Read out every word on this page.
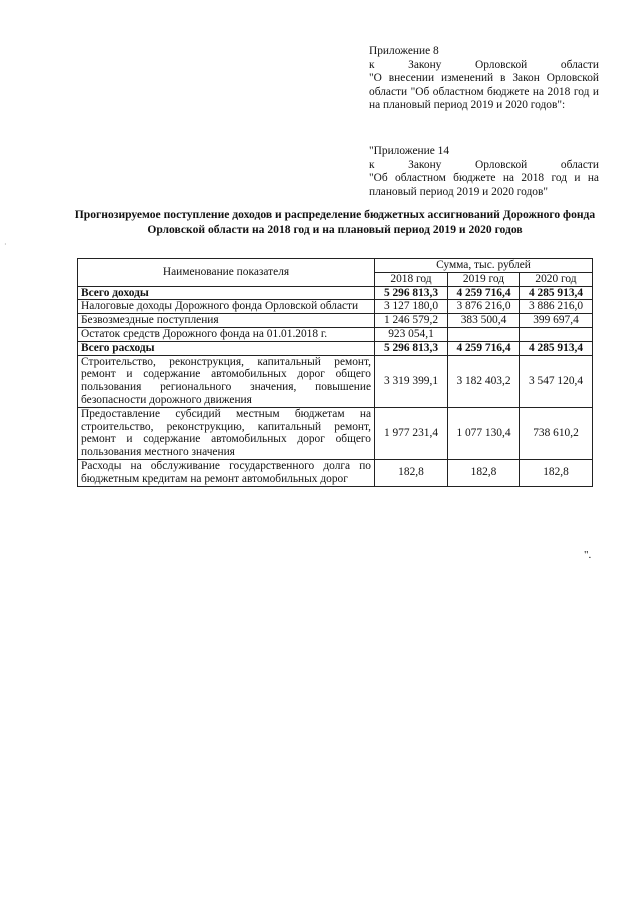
Приложение 8

к	Закону	Орловской	области

"О внесении изменений в Закон Орловской области "Об областном бюджете на 2018 год и на плановый период 2019 и 2020 годов":

"Приложение 14

к	Закону	Орловской	области

"Об областном бюджете на 2018 год и на плановый период 2019 и 2020 годов"

Прогнозируемое поступление доходов и распределение бюджетных ассигнований Дорожного фонда Орловской области на 2018 год и на плановый период 2019 и 2020 годов

·
Наименование показателя	Сумма, тыс. рублей		
	2018 год	2019 год	2020 год
Всего доходы	5 296 813,3	4 259 716,4	4 285 913,4
Налоговые доходы Дорожного фонда Орловской области	3 127 180,0	3 876 216,0	3 886 216,0
Безвозмездные поступления	1 246 579,2	383 500,4	399 697,4
Остаток средств Дорожного фонда на 01.01.2018 г.	923 054,1		
Всего расходы	5 296 813,3	4 259 716,4	4 285 913,4
Строительство, реконструкция, капитальный ремонт, ремонт и содержание автомобильных дорог общего пользования регионального значения, повышение безопасности дорожного движения	3 319 399,1	3 182 403,2	3 547 120,4
Предоставление субсидий местным бюджетам на строительство, реконструкцию, капитальный ремонт, ремонт и содержание автомобильных дорог общего пользования местного значения	1 977 231,4	1 077 130,4	738 610,2
Расходы на обслуживание государственного долга по бюджетным кредитам на ремонт автомобильных дорог	182,8	182,8	182,8
".
